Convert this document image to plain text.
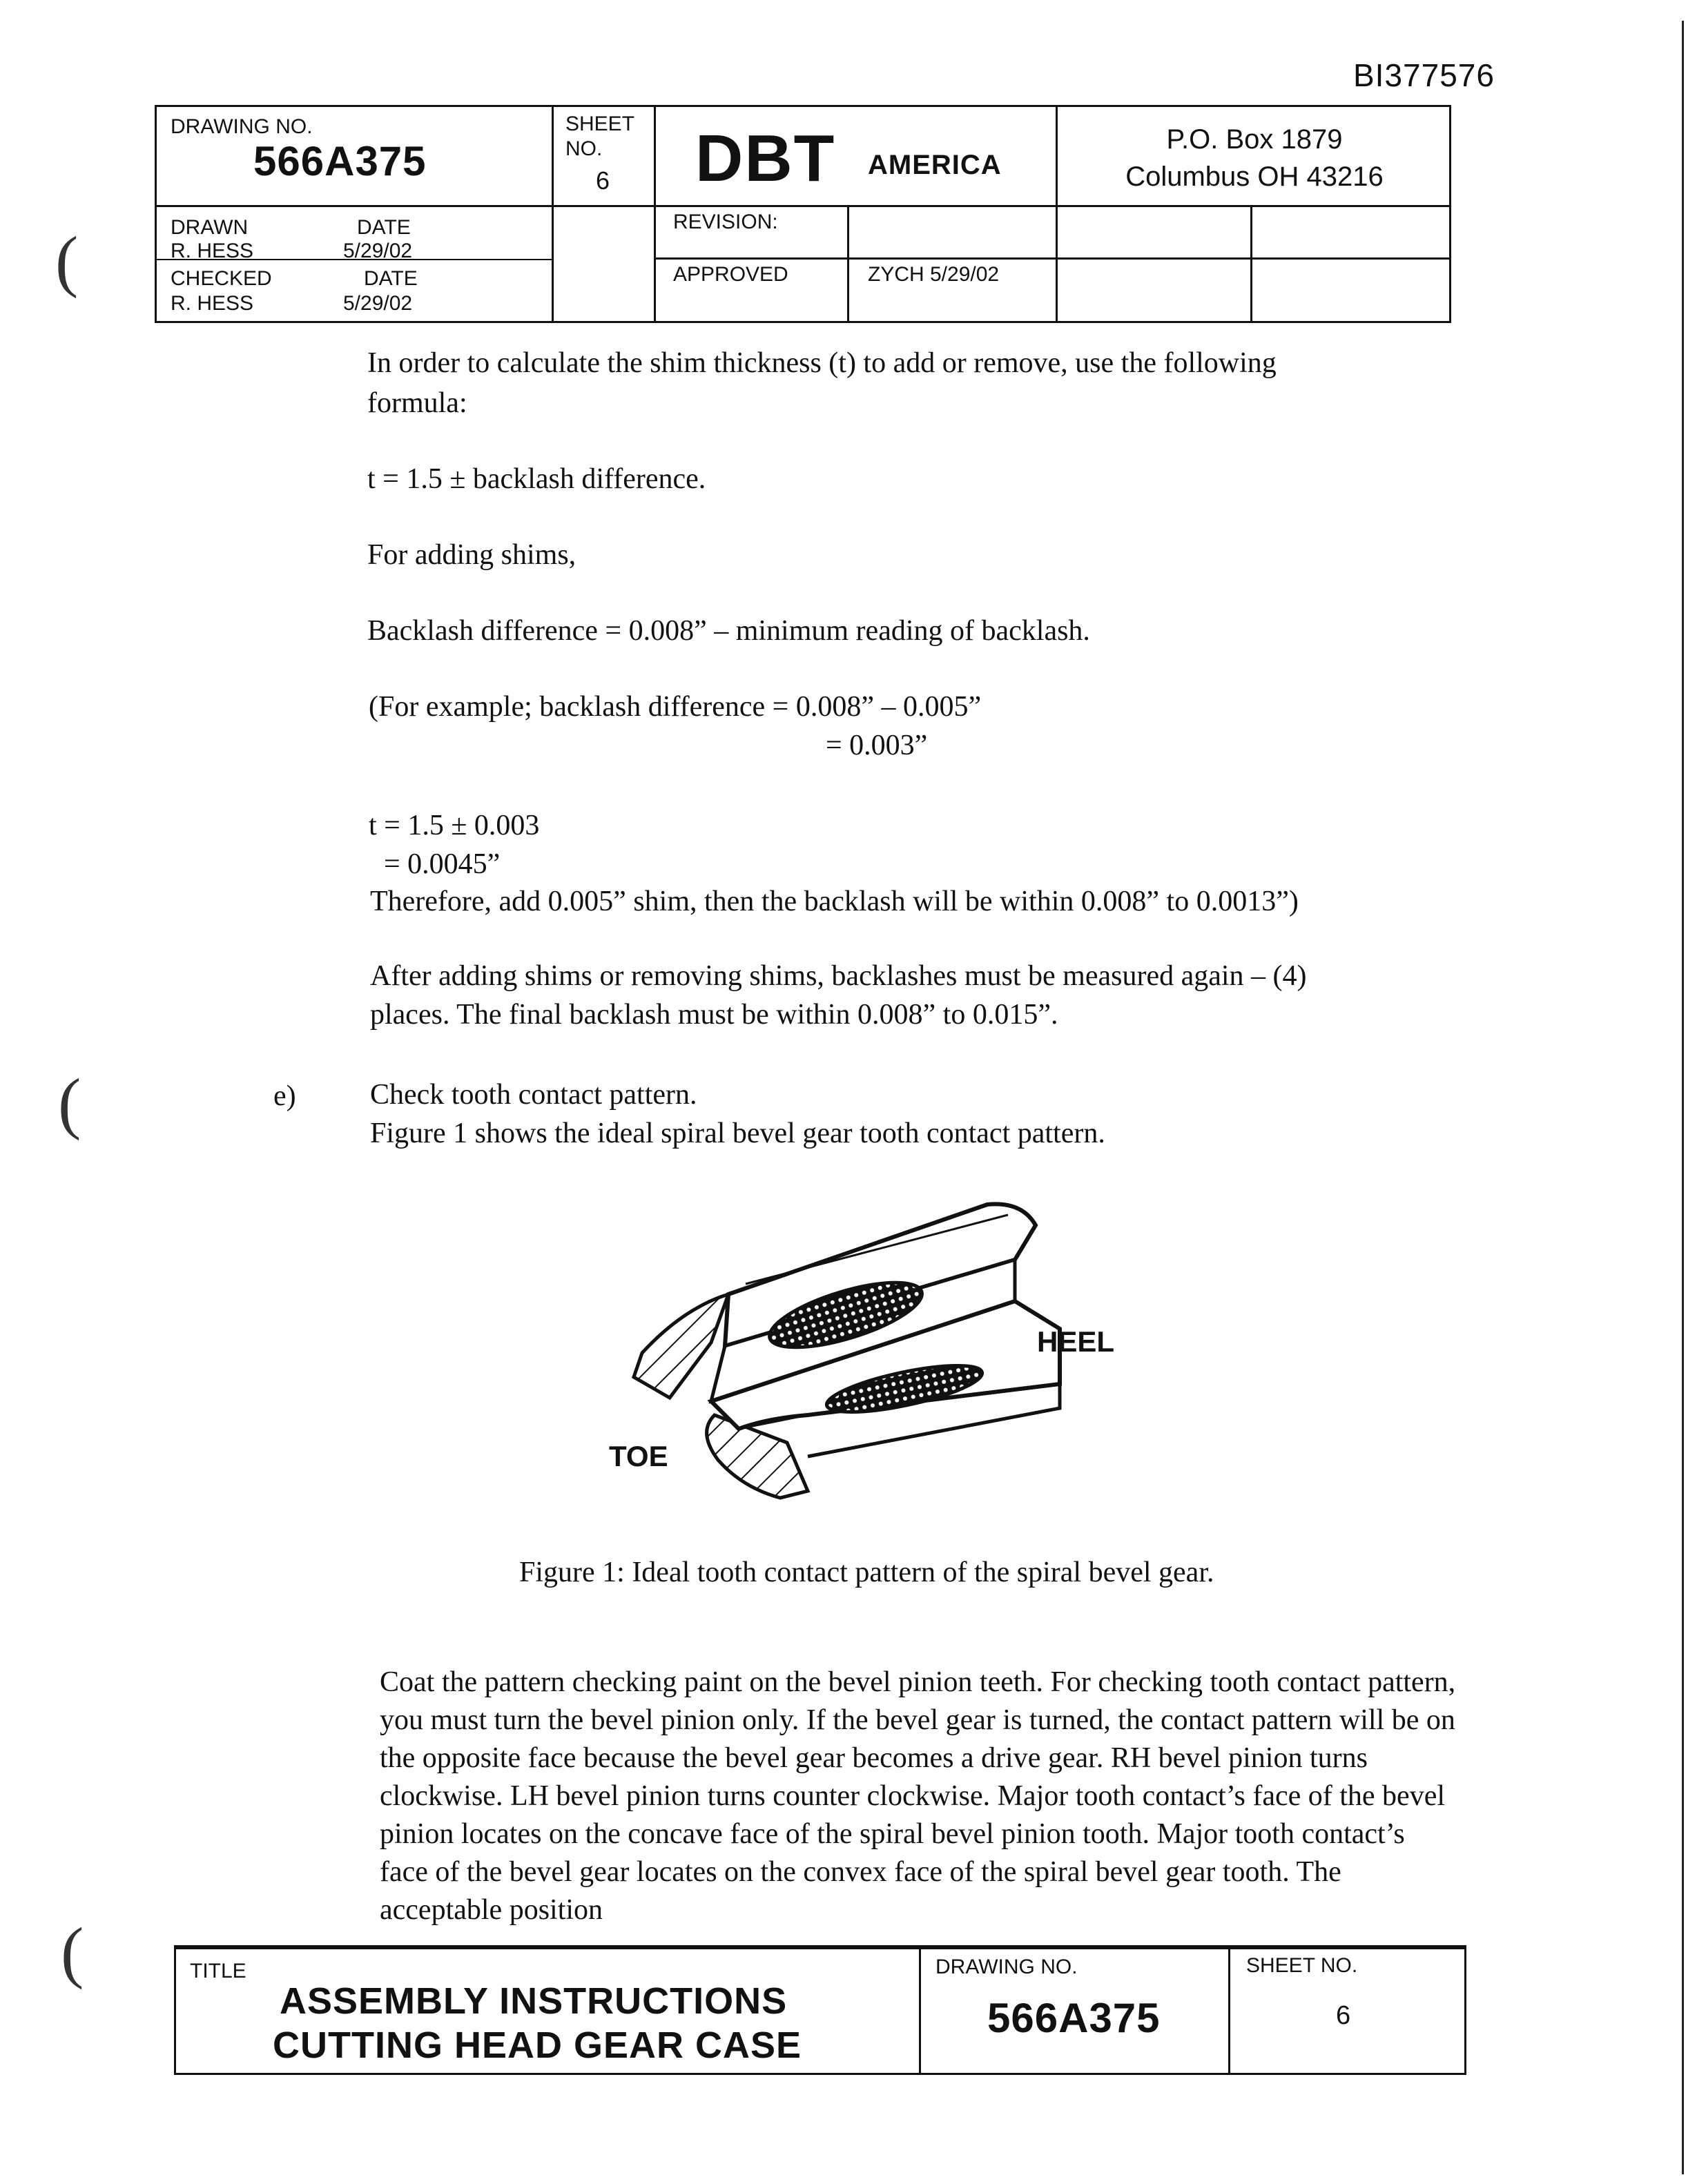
(
(
(
BI377576
DRAWING NO.
566A375
SHEET
NO.
6 DBT AMERICA
P.O. Box 1879
Columbus OH 43216
DRAWN	DATE
R. HESS	5/29/02
CHECKED	DATE
R. HESS	5/29/02
REVISION:
APPROVED	ZYCH 5/29/02
In order to calculate the shim thickness (t) to add or remove, use the following
formula:
t = 1.5 ± backlash difference.
For adding shims,
Backlash difference = 0.008” – minimum reading of backlash.
(For example; backlash difference = 0.008” – 0.005”
= 0.003”
t = 1.5 ± 0.003
= 0.0045”
Therefore, add 0.005” shim, then the backlash will be within 0.008” to 0.0013”)
After adding shims or removing shims, backlashes must be measured again – (4)
places. The final backlash must be within 0.008” to 0.015”.
e)	Check tooth contact pattern.
Figure 1 shows the ideal spiral bevel gear tooth contact pattern.
HEEL
TOE
Figure 1: Ideal tooth contact pattern of the spiral bevel gear.
Coat the pattern checking paint on the bevel pinion teeth. For checking tooth contact pattern, you must turn the bevel pinion only. If the bevel gear is turned, the contact pattern will be on the opposite face because the bevel gear becomes a drive gear. RH bevel pinion turns clockwise. LH bevel pinion turns counter clockwise. Major tooth contact’s face of the bevel pinion locates on the concave face of the spiral bevel pinion tooth. Major tooth contact’s face of the bevel gear locates on the convex face of the spiral bevel gear tooth. The acceptable position
TITLE
ASSEMBLY INSTRUCTIONS
CUTTING HEAD GEAR CASE
DRAWING NO.
566A375
SHEET NO.
6
